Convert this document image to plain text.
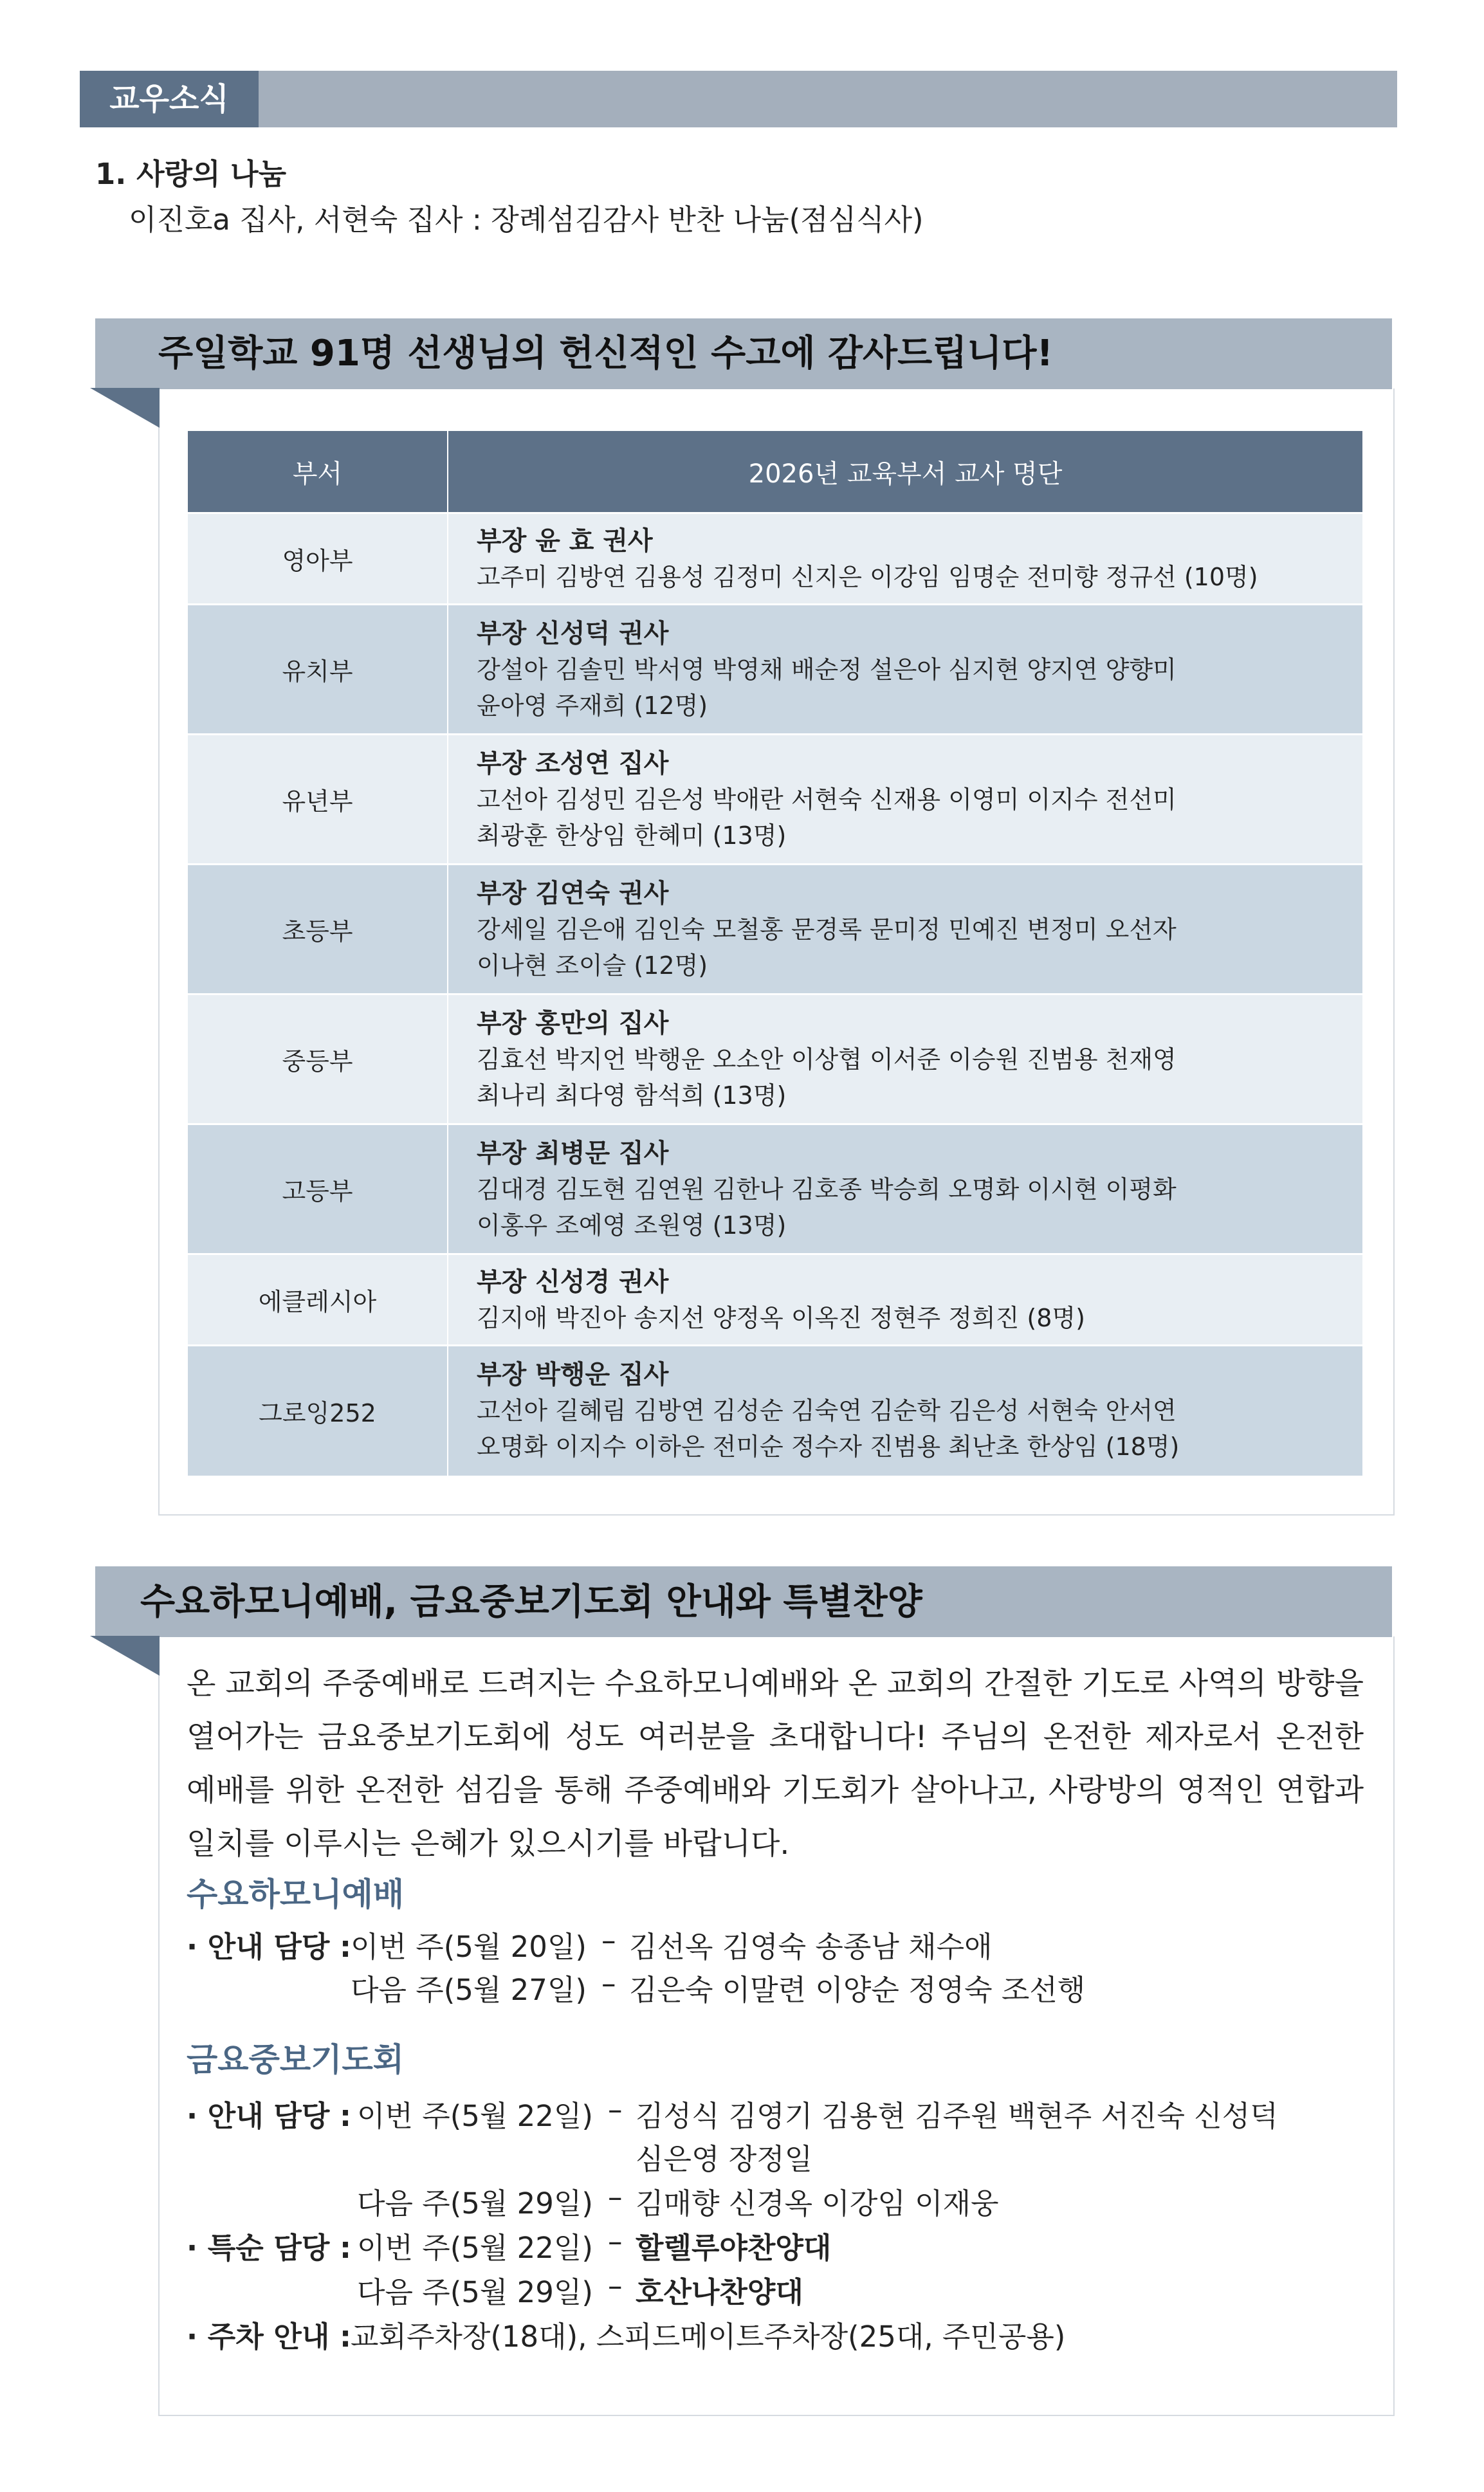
교우소식
1. 사랑의 나눔
이진호a 집사, 서현숙 집사 : 장례섬김감사 반찬 나눔(점심식사)
주일학교 91명 선생님의 헌신적인 수고에 감사드립니다!
부서	2026년 교육부서 교사 명단
영아부	부장 윤 효 권사
고주미 김방연 김용성 김정미 신지은 이강임 임명순 전미향 정규선 (10명)

유치부	부장 신성덕 권사
강설아 김솔민 박서영 박영채 배순정 설은아 심지현 양지연 양향미
윤아영 주재희 (12명)

유년부	부장 조성연 집사
고선아 김성민 김은성 박애란 서현숙 신재용 이영미 이지수 전선미
최광훈 한상임 한혜미 (13명)

초등부	부장 김연숙 권사
강세일 김은애 김인숙 모철홍 문경록 문미정 민예진 변정미 오선자
이나현 조이슬 (12명)

중등부	부장 홍만의 집사
김효선 박지언 박행운 오소안 이상협 이서준 이승원 진범용 천재영
최나리 최다영 함석희 (13명)

고등부	부장 최병문 집사
김대경 김도현 김연원 김한나 김호종 박승희 오명화 이시현 이평화
이홍우 조예영 조원영 (13명)

에클레시아	부장 신성경 권사
김지애 박진아 송지선 양정옥 이옥진 정현주 정희진 (8명)

그로잉252	부장 박행운 집사
고선아 길혜림 김방연 김성순 김숙연 김순학 김은성 서현숙 안서연
오명화 이지수 이하은 전미순 정수자 진범용 최난초 한상임 (18명)
수요하모니예배, 금요중보기도회 안내와 특별찬양
온 교회의 주중예배로 드려지는 수요하모니예배와 온 교회의 간절한 기도로 사역의 방향을 열어가는 금요중보기도회에 성도 여러분을 초대합니다! 주님의 온전한 제자로서 온전한 예배를 위한 온전한 섬김을 통해 주중예배와 기도회가 살아나고, 사랑방의 영적인 연합과 일치를 이루시는 은혜가 있으시기를 바랍니다.
수요하모니예배
· 안내 담당 : 이번 주(5월 20일) – 김선옥 김영숙 송종남 채수애
다음 주(5월 27일) – 김은숙 이말련 이양순 정영숙 조선행
금요중보기도회
· 안내 담당 : 이번 주(5월 22일) – 김성식 김영기 김용현 김주원 백현주 서진숙 신성덕
심은영 장정일
다음 주(5월 29일) – 김매향 신경옥 이강임 이재웅
· 특순 담당 : 이번 주(5월 22일) – 할렐루야찬양대
다음 주(5월 29일) – 호산나찬양대
· 주차 안내 : 교회주차장(18대), 스피드메이트주차장(25대, 주민공용)
